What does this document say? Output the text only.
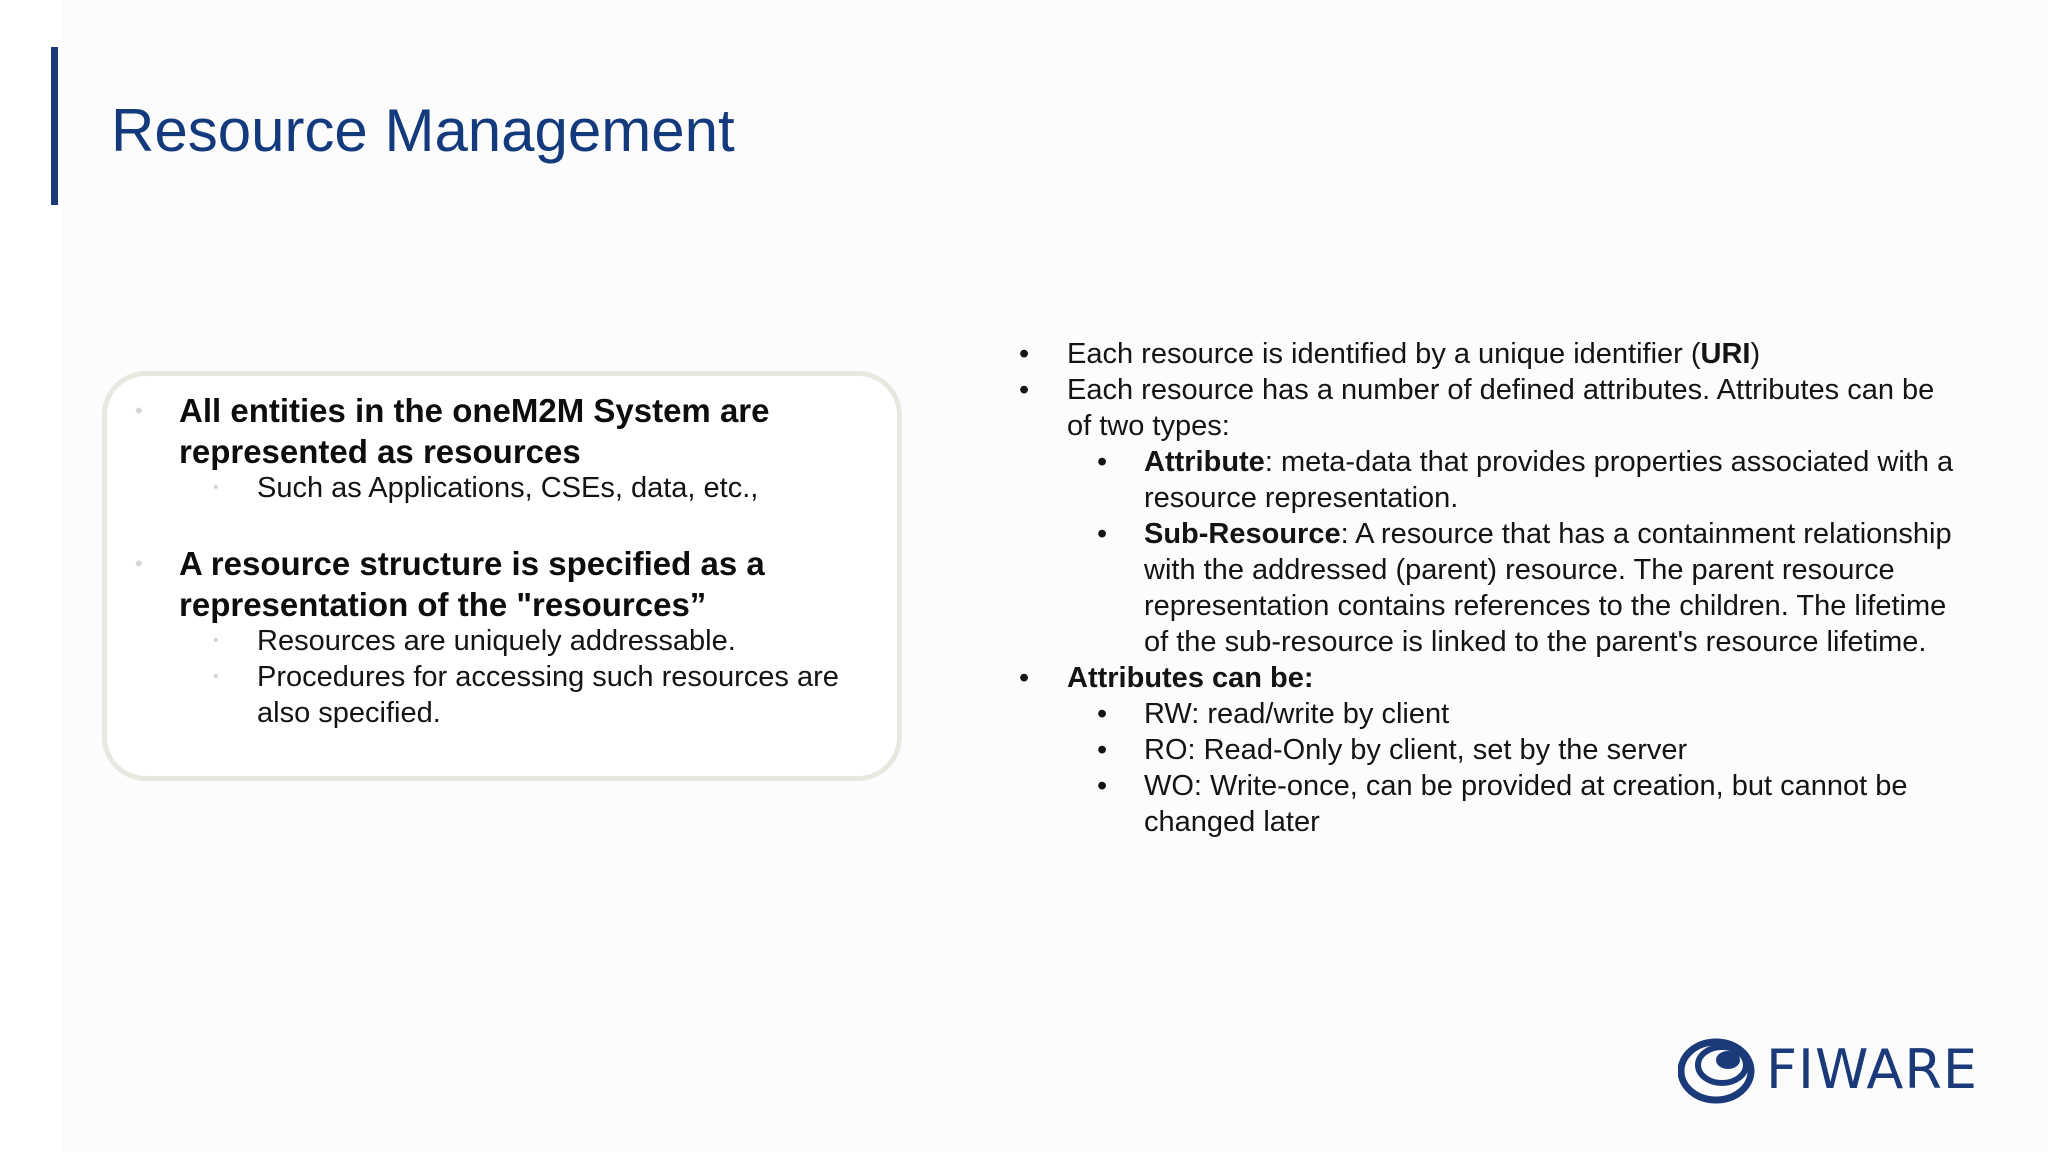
Resource Management
• All entities in the oneM2M System are represented as resources
• Such as Applications, CSEs, data, etc.,
• A resource structure is specified as a representation of the "resources”
• Resources are uniquely addressable.
• Procedures for accessing such resources are also specified.
• Each resource is identified by a unique identifier (URI)
• Each resource has a number of defined attributes. Attributes can be of two types:
• Attribute: meta-data that provides properties associated with a resource representation.
• Sub-Resource: A resource that has a containment relationship with the addressed (parent) resource. The parent resource representation contains references to the children. The lifetime of the sub-resource is linked to the parent's resource lifetime.
• Attributes can be:
• RW: read/write by client
• RO: Read-Only by client, set by the server
• WO: Write-once, can be provided at creation, but cannot be changed later
FIWARE
